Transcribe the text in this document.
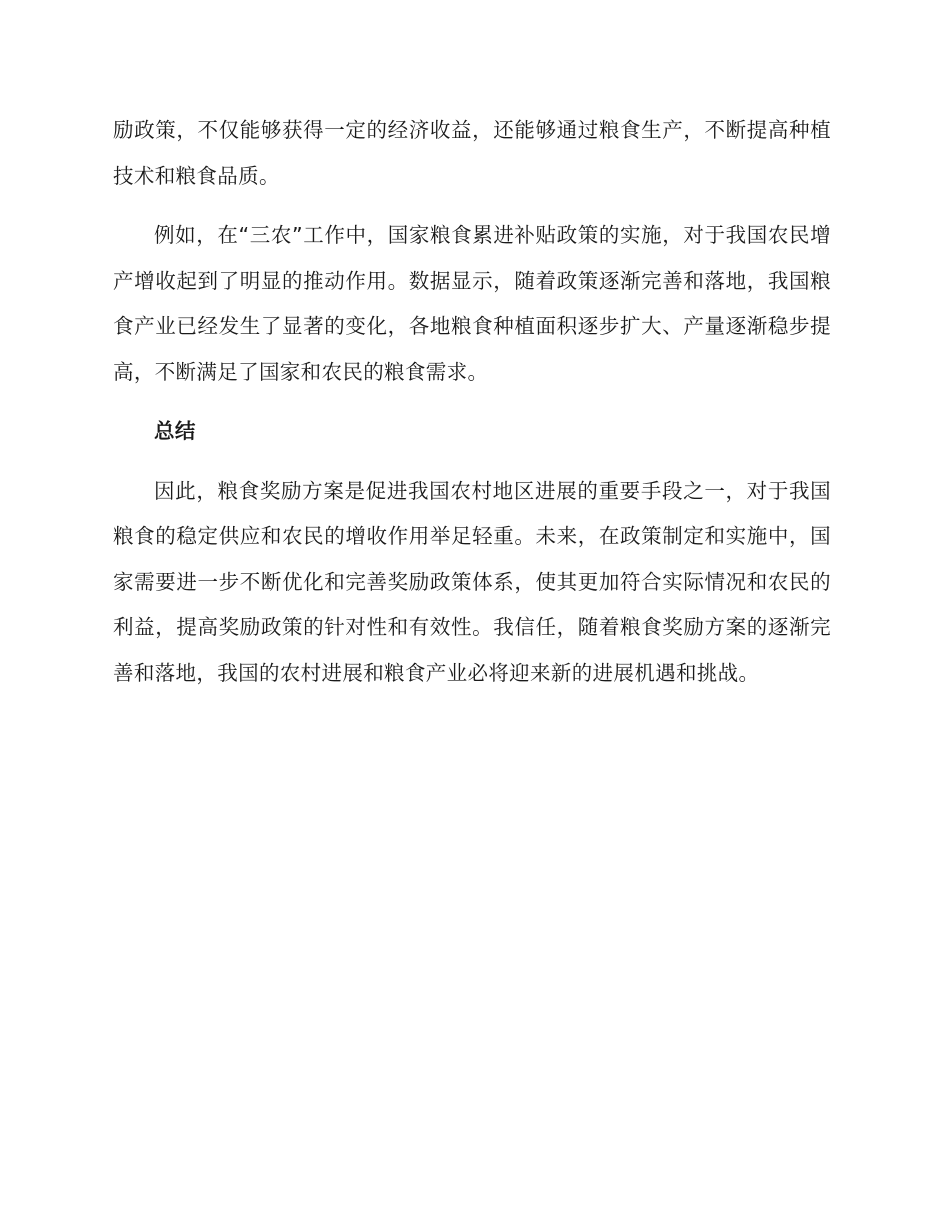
励政策，不仅能够获得一定的经济收益，还能够通过粮食生产，不断提高种植技术和粮食品质。

例如，在“三农”工作中，国家粮食累进补贴政策的实施，对于我国农民增产增收起到了明显的推动作用。数据显示，随着政策逐渐完善和落地，我国粮食产业已经发生了显著的变化，各地粮食种植面积逐步扩大、产量逐渐稳步提高，不断满足了国家和农民的粮食需求。

总结

因此，粮食奖励方案是促进我国农村地区进展的重要手段之一，对于我国粮食的稳定供应和农民的增收作用举足轻重。未来，在政策制定和实施中，国家需要进一步不断优化和完善奖励政策体系，使其更加符合实际情况和农民的利益，提高奖励政策的针对性和有效性。我信任，随着粮食奖励方案的逐渐完善和落地，我国的农村进展和粮食产业必将迎来新的进展机遇和挑战。
